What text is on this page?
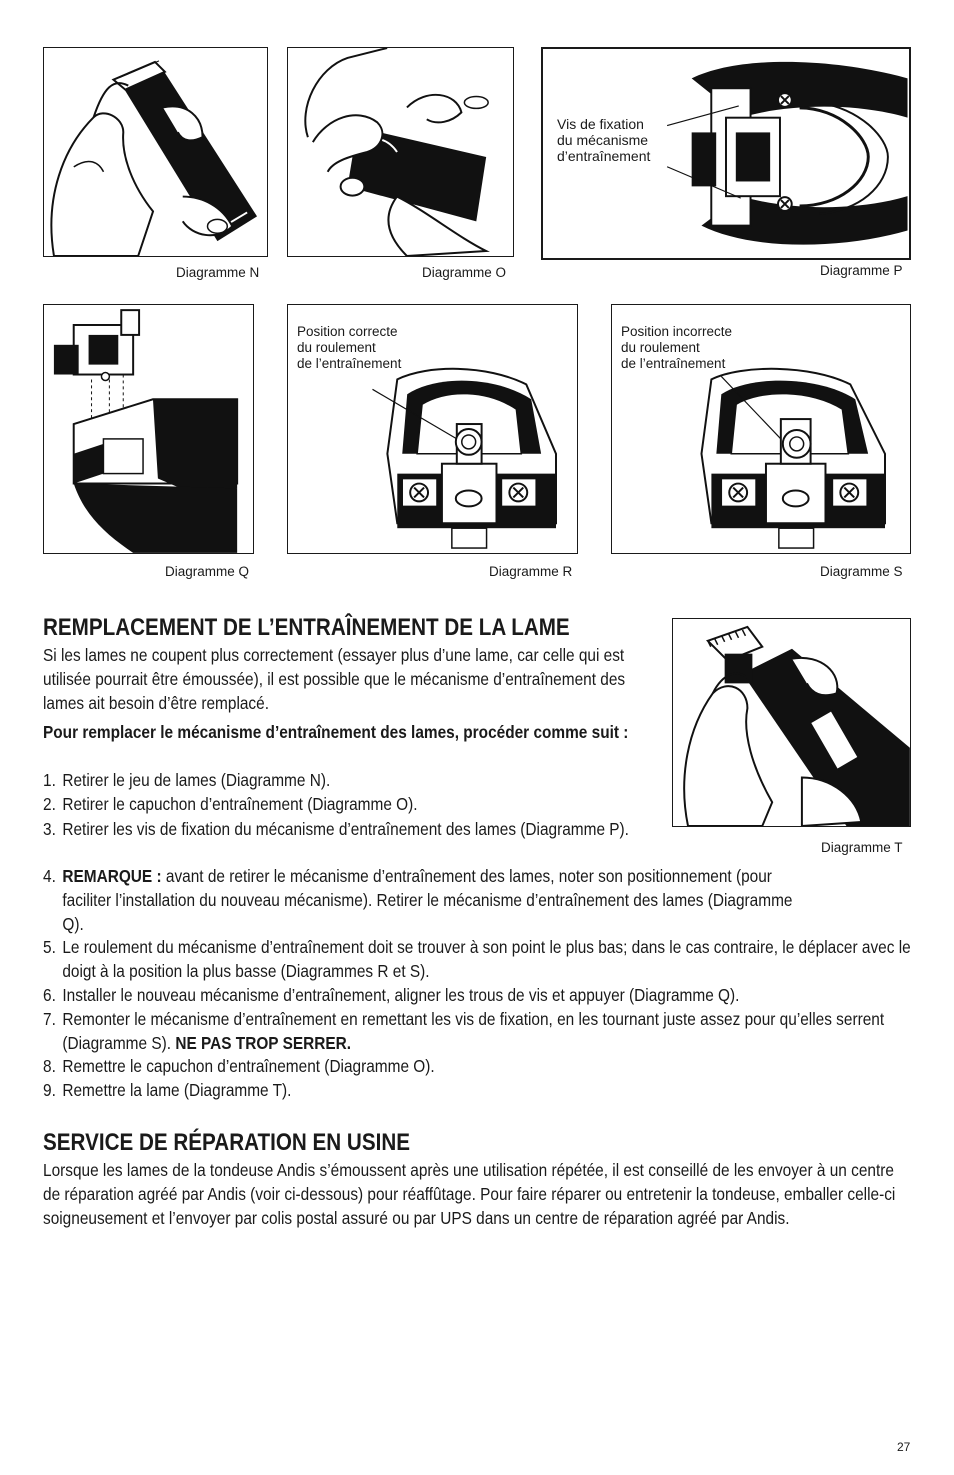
Diagramme N	Diagramme O
Vis de fixation
du mécanisme
d’entraînement
Diagramme P
Diagramme Q
Position correcte
du roulement
de l’entraînement
Diagramme R
Position incorrecte
du roulement
de l’entraînement
Diagramme S
Diagramme T
REMPLACEMENT DE L’ENTRAÎNEMENT DE LA LAME
Si les lames ne coupent plus correctement (essayer plus d’une lame, car celle qui est utilisée pourrait être émoussée), il est possible que le mécanisme d’entraînement des lames ait besoin d’être remplacé.
Pour remplacer le mécanisme d’entraînement des lames, procéder comme suit :
1. Retirer le jeu de lames (Diagramme N).
2. Retirer le capuchon d’entraînement (Diagramme O).
3. Retirer les vis de fixation du mécanisme d’entraînement des lames (Diagramme P).
4. REMARQUE : avant de retirer le mécanisme d’entraînement des lames, noter son positionnement (pour faciliter l’installation du nouveau mécanisme). Retirer le mécanisme d’entraînement des lames (Diagramme Q).
5. Le roulement du mécanisme d’entraînement doit se trouver à son point le plus bas; dans le cas contraire, le déplacer avec le doigt à la position la plus basse (Diagrammes R et S).
6. Installer le nouveau mécanisme d’entraînement, aligner les trous de vis et appuyer (Diagramme Q).
7. Remonter le mécanisme d’entraînement en remettant les vis de fixation, en les tournant juste assez pour qu’elles serrent (Diagramme S). NE PAS TROP SERRER.
8. Remettre le capuchon d’entraînement (Diagramme O).
9. Remettre la lame (Diagramme T).
SERVICE DE RÉPARATION EN USINE
Lorsque les lames de la tondeuse Andis s’émoussent après une utilisation répétée, il est conseillé de les envoyer à un centre de réparation agréé par Andis (voir ci-dessous) pour réaffûtage. Pour faire réparer ou entretenir la tondeuse, emballer celle-ci soigneusement et l’envoyer par colis postal assuré ou par UPS dans un centre de réparation agréé par Andis.
27
